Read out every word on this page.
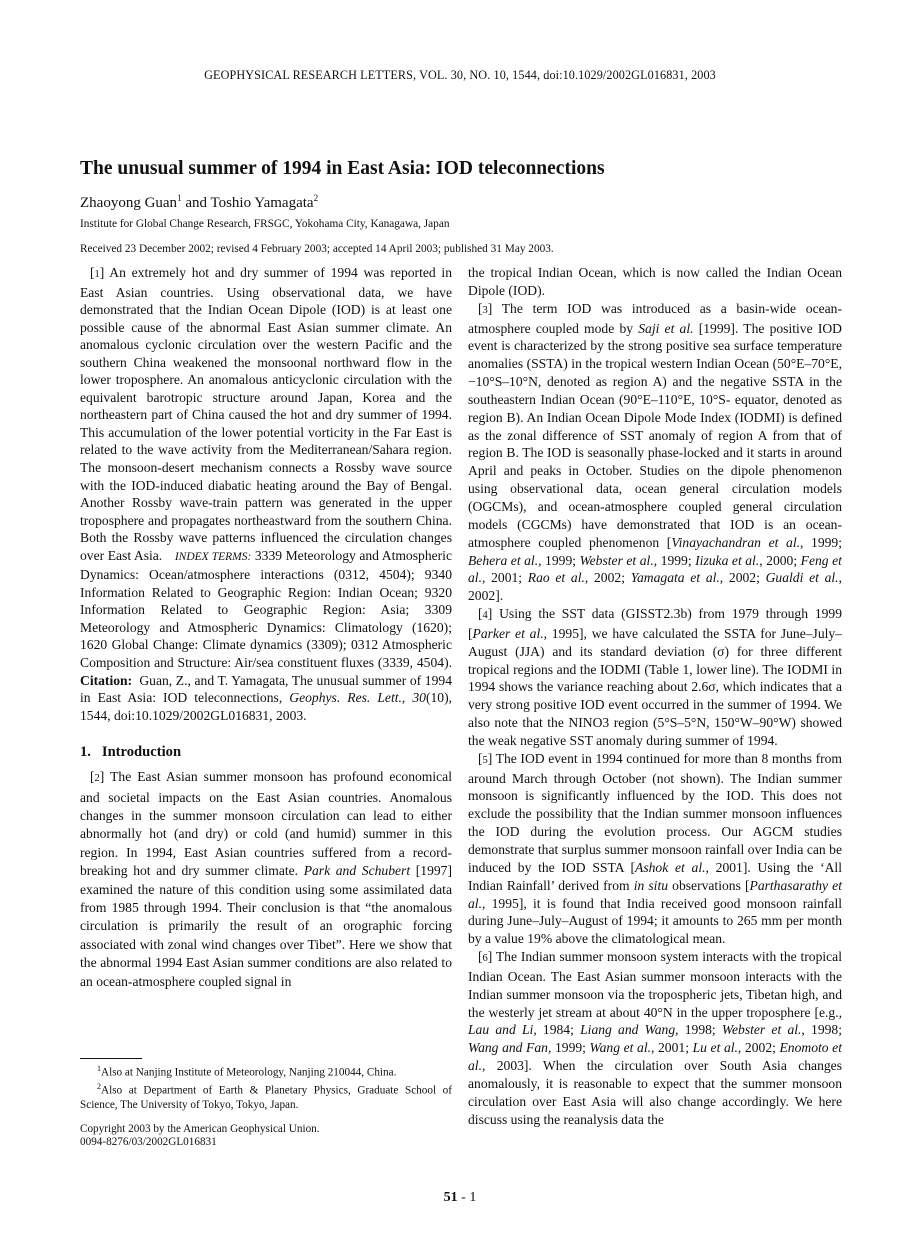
GEOPHYSICAL RESEARCH LETTERS, VOL. 30, NO. 10, 1544, doi:10.1029/2002GL016831, 2003
The unusual summer of 1994 in East Asia: IOD teleconnections
Zhaoyong Guan$^1$ and Toshio Yamagata$^2$
Institute for Global Change Research, FRSGC, Yokohama City, Kanagawa, Japan
Received 23 December 2002; revised 4 February 2003; accepted 14 April 2003; published 31 May 2003.

[1] An extremely hot and dry summer of 1994 was reported in East Asian countries. Using observational data, we have demonstrated that the Indian Ocean Dipole (IOD) is at least one possible cause of the abnormal East Asian summer climate. An anomalous cyclonic circulation over the western Pacific and the southern China weakened the monsoonal northward flow in the lower troposphere. An anomalous anticyclonic circulation with the equivalent barotropic structure around Japan, Korea and the northeastern part of China caused the hot and dry summer of 1994. This accumulation of the lower potential vorticity in the Far East is related to the wave activity from the Mediterranean/Sahara region. The monsoon-desert mechanism connects a Rossby wave source with the IOD-induced diabatic heating around the Bay of Bengal. Another Rossby wave-train pattern was generated in the upper troposphere and propagates northeastward from the southern China. Both the Rossby wave patterns influenced the circulation changes over East Asia.    INDEX TERMS: 3339 Meteorology and Atmospheric Dynamics: Ocean/atmosphere interactions (0312, 4504); 9340 Information Related to Geographic Region: Indian Ocean; 9320 Information Related to Geographic Region: Asia; 3309 Meteorology and Atmospheric Dynamics: Climatology (1620); 1620 Global Change: Climate dynamics (3309); 0312 Atmospheric Composition and Structure: Air/sea constituent fluxes (3339, 4504). Citation:  Guan, Z., and T. Yamagata, The unusual summer of 1994 in East Asia: IOD teleconnections, Geophys. Res. Lett., 30(10), 1544, doi:10.1029/2002GL016831, 2003.

1.   Introduction

[2] The East Asian summer monsoon has profound economical and societal impacts on the East Asian countries. Anomalous changes in the summer monsoon circulation can lead to either abnormally hot (and dry) or cold (and humid) summer in this region. In 1994, East Asian countries suffered from a record-breaking hot and dry summer climate. Park and Schubert [1997] examined the nature of this condition using some assimilated data from 1985 through 1994. Their conclusion is that “the anomalous circulation is primarily the result of an orographic forcing associated with zonal wind changes over Tibet”. Here we show that the abnormal 1994 East Asian summer conditions are also related to an ocean-atmosphere coupled signal in

$^1$Also at Nanjing Institute of Meteorology, Nanjing 210044, China.
$^2$Also at Department of Earth & Planetary Physics, Graduate School of Science, The University of Tokyo, Tokyo, Japan.
Copyright 2003 by the American Geophysical Union.
0094-8276/03/2002GL016831

the tropical Indian Ocean, which is now called the Indian Ocean Dipole (IOD).

[3] The term IOD was introduced as a basin-wide ocean-atmosphere coupled mode by Saji et al. [1999]. The positive IOD event is characterized by the strong positive sea surface temperature anomalies (SSTA) in the tropical western Indian Ocean (50°E–70°E, −10°S–10°N, denoted as region A) and the negative SSTA in the southeastern Indian Ocean (90°E–110°E, 10°S- equator, denoted as region B). An Indian Ocean Dipole Mode Index (IODMI) is defined as the zonal difference of SST anomaly of region A from that of region B. The IOD is seasonally phase-locked and it starts in around April and peaks in October. Studies on the dipole phenomenon using observational data, ocean general circulation models (OGCMs), and ocean-atmosphere coupled general circulation models (CGCMs) have demonstrated that IOD is an ocean-atmosphere coupled phenomenon [Vinayachandran et al., 1999; Behera et al., 1999; Webster et al., 1999; Iizuka et al., 2000; Feng et al., 2001; Rao et al., 2002; Yamagata et al., 2002; Gualdi et al., 2002].

[4] Using the SST data (GISST2.3b) from 1979 through 1999 [Parker et al., 1995], we have calculated the SSTA for June–July–August (JJA) and its standard deviation (σ) for three different tropical regions and the IODMI (Table 1, lower line). The IODMI in 1994 shows the variance reaching about 2.6σ, which indicates that a very strong positive IOD event occurred in the summer of 1994. We also note that the NINO3 region (5°S–5°N, 150°W–90°W) showed the weak negative SST anomaly during summer of 1994.

[5] The IOD event in 1994 continued for more than 8 months from around March through October (not shown). The Indian summer monsoon is significantly influenced by the IOD. This does not exclude the possibility that the Indian summer monsoon influences the IOD during the evolution process. Our AGCM studies demonstrate that surplus summer monsoon rainfall over India can be induced by the IOD SSTA [Ashok et al., 2001]. Using the ‘All Indian Rainfall’ derived from in situ observations [Parthasarathy et al., 1995], it is found that India received good monsoon rainfall during June–July–August of 1994; it amounts to 265 mm per month by a value 19% above the climatological mean.

[6] The Indian summer monsoon system interacts with the tropical Indian Ocean. The East Asian summer monsoon interacts with the Indian summer monsoon via the tropospheric jets, Tibetan high, and the westerly jet stream at about 40°N in the upper troposphere [e.g., Lau and Li, 1984; Liang and Wang, 1998; Webster et al., 1998; Wang and Fan, 1999; Wang et al., 2001; Lu et al., 2002; Enomoto et al., 2003]. When the circulation over South Asia changes anomalously, it is reasonable to expect that the summer monsoon circulation over East Asia will also change accordingly. We here discuss using the reanalysis data the

51 - 1
